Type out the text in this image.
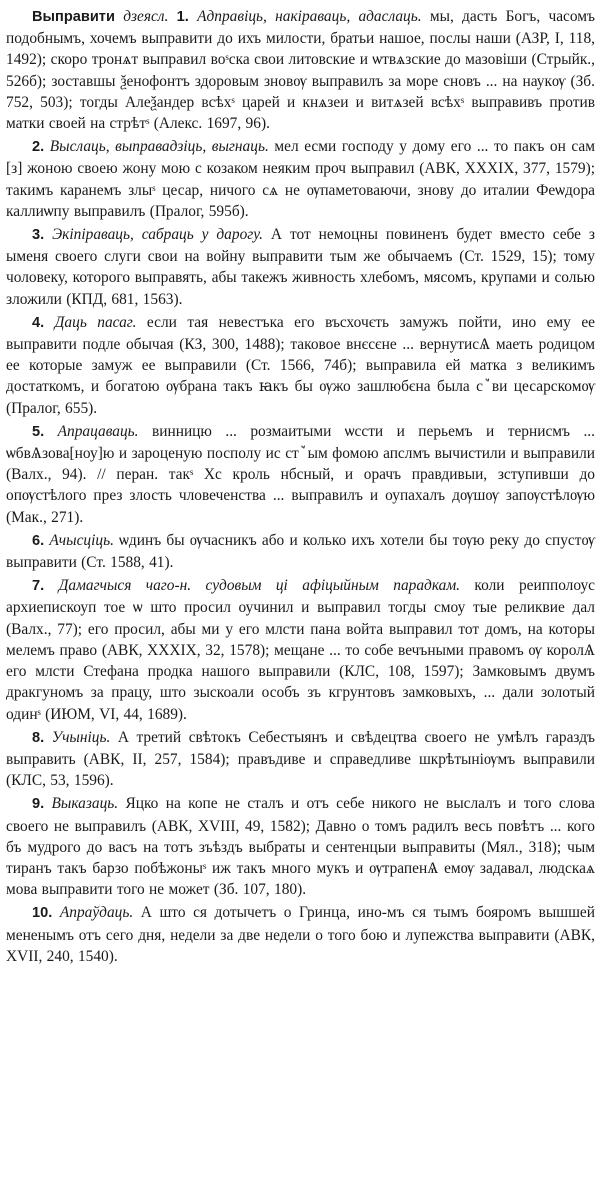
Выправити дзеясл. 1. Адправіць, накіраваць, адаслаць. мы, дасть Богъ, часомъ подобнымъ, хочемъ выправити до ихъ милости, братьи нашое, послы наши (АЗР, I, 118, 1492); скоро тронѧт выправил воˢска свои литовские и ѡтвѧзские до мазовіши (Стрыйк., 526б); зоставшы ѯенофонтъ здоровым зновѹ выправилъ за море сновъ ... на наукѹ (Зб. 752, 503); тогды Алеѯандер всѣхˢ царей и кнѧзеи и витѧзей всѣхˢ выправивъ против матки своей на стрѣтˢ (Алекс. 1697, 96).

2. Выслаць, выправадзіць, выгнаць. мел есми господу у дому его ... то пакъ он сам [з] жоною своею жону мою с козаком неяким проч выправил (АВК, XXXIX, 377, 1579); такимъ каранемъ злыˢ цесар, ничого сѧ не ѹпаметоваючи, знову до италии Феѡдора каллиѡпу выправилъ (Пралог, 595б).

3. Экіпіраваць, сабраць у дарогу. А тот немоцны повиненъ будет вместо себе з ыменя своего слуги свои на войну выправити тым же обычаемъ (Ст. 1529, 15); тому чоловеку, которого выправять, абы такежъ живность хлебомъ, мясомъ, крупами и солью зложили (КПД, 681, 1563).

4. Даць пасаг. если тая невестъка его въсхочєть замужъ пойти, ино ему ее выправити подле обычая (КЗ, 300, 1488); таковое внєсєне ... вернутисѦ маеть родицом ее которые замуж ее выправили (Ст. 1566, 74б); выправила ей матка з великимъ достаткомъ, и богатою ѹбрана такъ ꙗкъ бы ѹжо зашлюбєна была сꙿви цесарскомѹ (Пралог, 655).

5. Апрацаваць. винницю ... розмаитыми ѡссти и перьемъ и тернисмъ ... ѡбвѦзова[ноу]ю и зароценую посполу ис стꙿым фомою апслмъ вычистили и выправили (Валх., 94). // перан. такˢ Хс кроль нбсный, и орачъ правдивыи, зступивши до опѹстѣлого през злость чловеченства ... выправилъ и оупахалъ дѹшѹ запѹстѣлѹю (Мак., 271).

6. Ачысціць. ѡдинъ бы ѹчасникъ або и колько ихъ хотели бы тѹю реку до спустѹ выправити (Ст. 1588, 41).

7. Дамагчыся чаго-н. судовым ці афіцыйным парадкам. коли реипполоус архиепискоуп тое ѡ што просил оучинил и выправил тогды смоу тые реликвие дал (Валх., 77); его просил, абы ми у его млсти пана войта выправил тот домъ, на которы мелемъ право (АВК, XXXIX, 32, 1578); мещане ... то собе вечъными правомъ ѹ королѦ его млсти Стефана продка нашого выправили (КЛС, 108, 1597); Замковымъ двумъ дракгуномъ за працу, што зыскоали особъ зъ кгрунтовъ замковыхъ, ... дали золотый одинˢ (ИЮМ, VI, 44, 1689).

8. Учыніць. А третий свѣтокъ Себестыянъ и свѣдецтва своего не умѣлъ гараздъ выправить (АВК, II, 257, 1584); правъдиве и справедливе шкрѣтынiѹмъ выправили (КЛС, 53, 1596).

9. Выказаць. Яцко на копе не сталъ и отъ себе никого не выслалъ и того слова своего не выправилъ (АВК, XVIII, 49, 1582); Давно о томъ радилъ весь повѣтъ ... кого бъ мудрого до васъ на тотъ зъѣздъ выбраты и сентенцыи выправиты (Мял., 318); чым тиранъ такъ барзо побѣжоныˢ иж такъ много мукъ и ѹтрапенѦ емѹ задавал, людскаѧ мова выправити того не может (Зб. 107, 180).

10. Апраўдаць. А што ся дотычетъ о Гринца, ино-мъ ся тымъ бояромъ вышшей мененымъ отъ сего дня, недели за две недели о того бою и лупежства выправити (АВК, XVII, 240, 1540).
